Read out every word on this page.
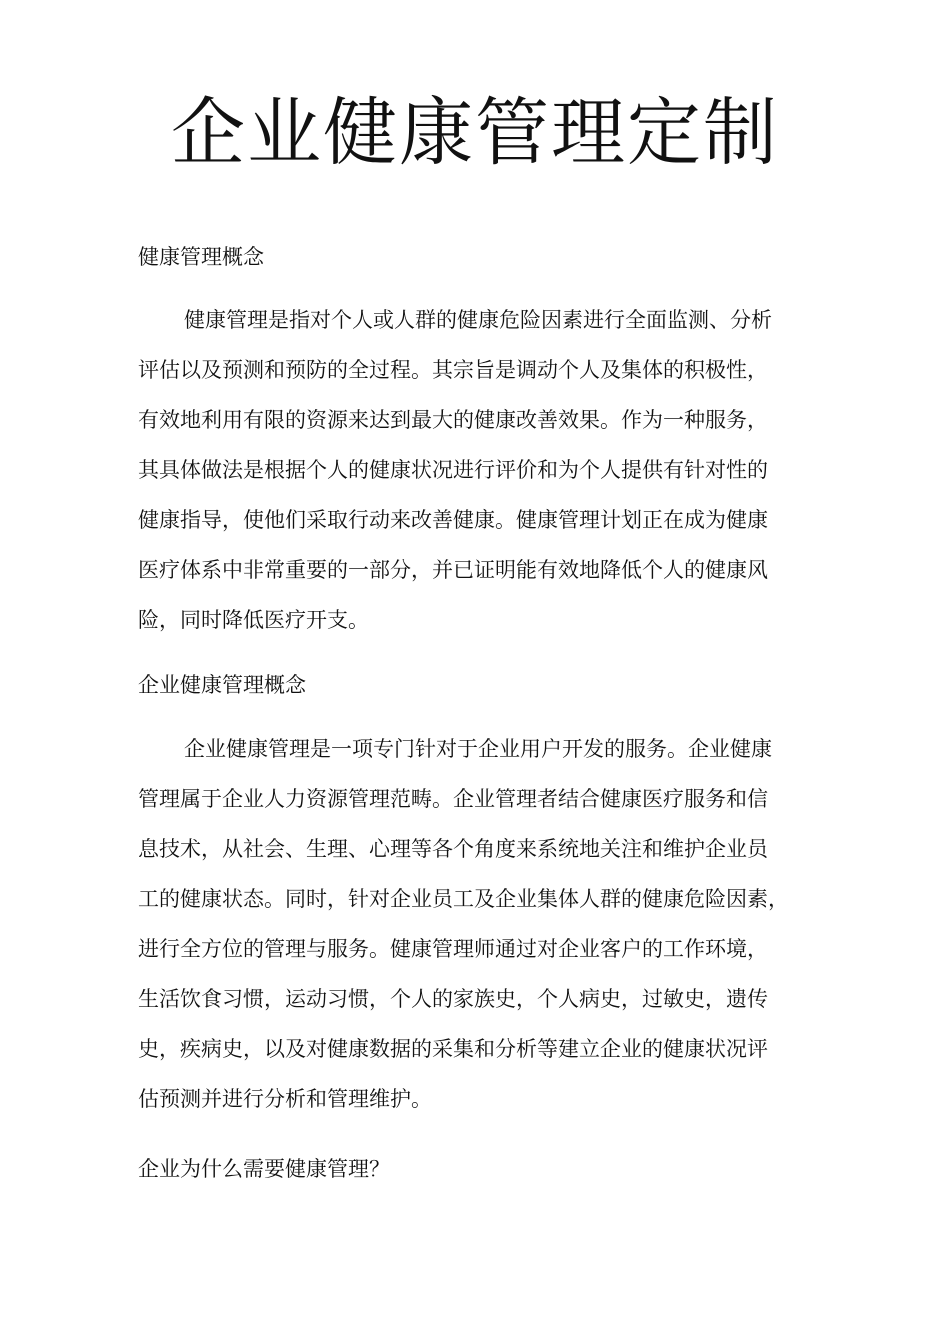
企业健康管理定制
健康管理概念
健康管理是指对个人或人群的健康危险因素进行全面监测、分析
评估以及预测和预防的全过程。其宗旨是调动个人及集体的积极性，
有效地利用有限的资源来达到最大的健康改善效果。作为一种服务，
其具体做法是根据个人的健康状况进行评价和为个人提供有针对性的
健康指导，使他们采取行动来改善健康。健康管理计划正在成为健康
医疗体系中非常重要的一部分，并已证明能有效地降低个人的健康风
险，同时降低医疗开支。
企业健康管理概念
企业健康管理是一项专门针对于企业用户开发的服务。企业健康
管理属于企业人力资源管理范畴。企业管理者结合健康医疗服务和信
息技术，从社会、生理、心理等各个角度来系统地关注和维护企业员
工的健康状态。同时，针对企业员工及企业集体人群的健康危险因素，
进行全方位的管理与服务。健康管理师通过对企业客户的工作环境，
生活饮食习惯，运动习惯，个人的家族史，个人病史，过敏史，遗传
史，疾病史，以及对健康数据的采集和分析等建立企业的健康状况评
估预测并进行分析和管理维护。
企业为什么需要健康管理？
